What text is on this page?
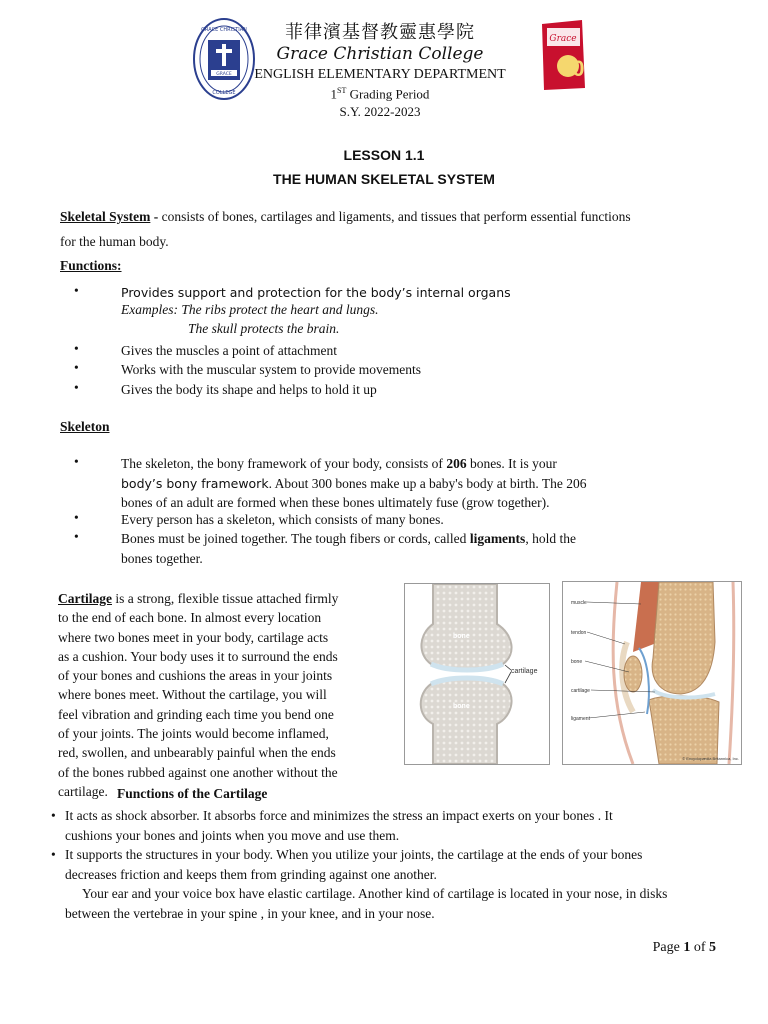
GRACE
GRACE CHRISTIAN
COLLEGE
菲律濱基督教靈惠學院
Grace Christian College
ENGLISH ELEMENTARY DEPARTMENT
1ST Grading Period
S.Y. 2022-2023
Grace
70
LESSON 1.1
THE HUMAN SKELETAL SYSTEM
Skeletal System - consists of bones, cartilages and ligaments, and tissues that perform essential functions
for the human body.
Functions:
•	Provides support and protection for the body’s internal organs
Examples: The ribs protect the heart and lungs.
The skull protects the brain.
•	Gives the muscles a point of attachment
•	Works with the muscular system to provide movements
•	Gives the body its shape and helps to hold it up
Skeleton
•	The skeleton, the bony framework of your body, consists of 206 bones. It is your
body’s bony framework. About 300 bones make up a baby's body at birth. The 206
bones of an adult are formed when these bones ultimately fuse (grow together).
•	Every person has a skeleton, which consists of many bones.
•	Bones must be joined together. The tough fibers or cords, called ligaments, hold the
bones together.
Cartilage is a strong, flexible tissue attached firmly
to the end of each bone. In almost every location
where two bones meet in your body, cartilage acts
as a cushion. Your body uses it to surround the ends
of your bones and cushions the areas in your joints
where bones meet. Without the cartilage, you will
feel vibration and grinding each time you bend one
of your joints. The joints would become inflamed,
red, swollen, and unbearably painful when the ends
of the bones rubbed against one another without the
cartilage.
bone
bone
cartilage
muscle
tendon
bone
cartilage
ligament
© Encyclopædia Britannica, Inc.
Functions of the Cartilage
• It acts as shock absorber. It absorbs force and minimizes the stress an impact exerts on your bones . It
cushions your bones and joints when you move and use them.
• It supports the structures in your body. When you utilize your joints, the cartilage at the ends of your bones
decreases friction and keeps them from grinding against one another.
Your ear and your voice box have elastic cartilage. Another kind of cartilage is located in your nose, in disks
between the vertebrae in your spine , in your knee, and in your nose.
Page 1 of 5
